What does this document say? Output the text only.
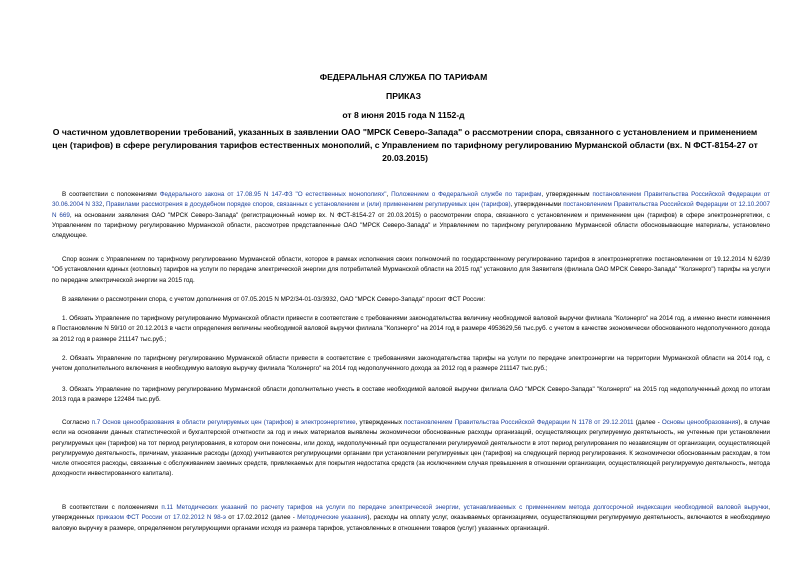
ФЕДЕРАЛЬНАЯ СЛУЖБА ПО ТАРИФАМ
ПРИКАЗ
от 8 июня 2015 года N 1152-д
О частичном удовлетворении требований, указанных в заявлении ОАО "МРСК Северо-Запада" о рассмотрении спора, связанного с установлением и применением цен (тарифов) в сфере регулирования тарифов естественных монополий, с Управлением по тарифному регулированию Мурманской области (вх. N ФСТ-8154-27 от 20.03.2015)
В соответствии с положениями Федерального закона от 17.08.95 N 147-ФЗ "О естественных монополиях", Положением о Федеральной службе по тарифам, утвержденным постановлением Правительства Российской Федерации от 30.06.2004 N 332, Правилами рассмотрения в досудебном порядке споров, связанных с установлением и (или) применением регулируемых цен (тарифов), утвержденными постановлением Правительства Российской Федерации от 12.10.2007 N 669, на основании заявления ОАО "МРСК Северо-Запада" (регистрационный номер вх. N ФСТ-8154-27 от 20.03.2015) о рассмотрении спора, связанного с установлением и применением цен (тарифов) в сфере электроэнергетики, с Управлением по тарифному регулированию Мурманской области, рассмотрев представленные ОАО "МРСК Северо-Запада" и Управлением по тарифному регулированию Мурманской области обосновывающие материалы, установлено следующее.
Спор возник с Управлением по тарифному регулированию Мурманской области, которое в рамках исполнения своих полномочий по государственному регулированию тарифов в электроэнергетике постановлением от 19.12.2014 N 62/39 "Об установлении единых (котловых) тарифов на услуги по передаче электрической энергии для потребителей Мурманской области на 2015 год" установило для Заявителя (филиала ОАО МРСК Северо-Запада" "Колэнерго") тарифы на услуги по передаче электрической энергии на 2015 год.
В заявлении о рассмотрении спора, с учетом дополнения от 07.05.2015 N МР2/34-01-03/3932, ОАО "МРСК Северо-Запада" просит ФСТ России:
1. Обязать Управление по тарифному регулированию Мурманской области привести в соответствие с требованиями законодательства величину необходимой валовой выручки филиала "Колэнерго" на 2014 год, а именно внести изменения в Постановление N 59/10 от 20.12.2013 в части определения величины необходимой валовой выручки филиала "Колэнерго" на 2014 год в размере 4953629,56 тыс.руб. с учетом в качестве экономически обоснованного недополученного дохода за 2012 год в размере 211147 тыс.руб.;
2. Обязать Управление по тарифному регулированию Мурманской области привести в соответствие с требованиями законодательства тарифы на услуги по передаче электроэнергии на территории Мурманской области на 2014 год, с учетом дополнительного включения в необходимую валовую выручку филиала "Колэнерго" на 2014 год недополученного дохода за 2012 год в размере 211147 тыс.руб.;
3. Обязать Управление по тарифному регулированию Мурманской области дополнительно учесть в составе необходимой валовой выручки филиала ОАО "МРСК Северо-Запада" "Колэнерго" на 2015 год недополученный доход по итогам 2013 года в размере 122484 тыс.руб.
Согласно п.7 Основ ценообразования в области регулируемых цен (тарифов) в электроэнергетике, утвержденных постановлением Правительства Российской Федерации N 1178 от 29.12.2011 (далее - Основы ценообразования), в случае если на основании данных статистической и бухгалтерской отчетности за год и иных материалов выявлены экономически обоснованные расходы организаций, осуществляющих регулируемую деятельность, не учтенные при установлении регулируемых цен (тарифов) на тот период регулирования, в котором они понесены, или доход, недополученный при осуществлении регулируемой деятельности в этот период регулирования по независящим от организации, осуществляющей регулируемую деятельность, причинам, указанные расходы (доход) учитываются регулирующими органами при установлении регулируемых цен (тарифов) на следующий период регулирования. К экономически обоснованным расходам, в том числе относятся расходы, связанные с обслуживанием заемных средств, привлекаемых для покрытия недостатка средств (за исключением случая превышения в отношении организации, осуществляющей регулируемую деятельность, метода доходности инвестированного капитала).
В соответствии с положениями п.11 Методических указаний по расчету тарифов на услуги по передаче электрической энергии, устанавливаемых с применением метода долгосрочной индексации необходимой валовой выручки, утвержденных приказом ФСТ России от 17.02.2012 N 98-э от 17.02.2012 (далее - Методические указания), расходы на оплату услуг, оказываемых организациями, осуществляющими регулируемую деятельность, включаются в необходимую валовую выручку в размере, определяемом регулирующими органами исходя из размера тарифов, установленных в отношении товаров (услуг) указанных организаций.
